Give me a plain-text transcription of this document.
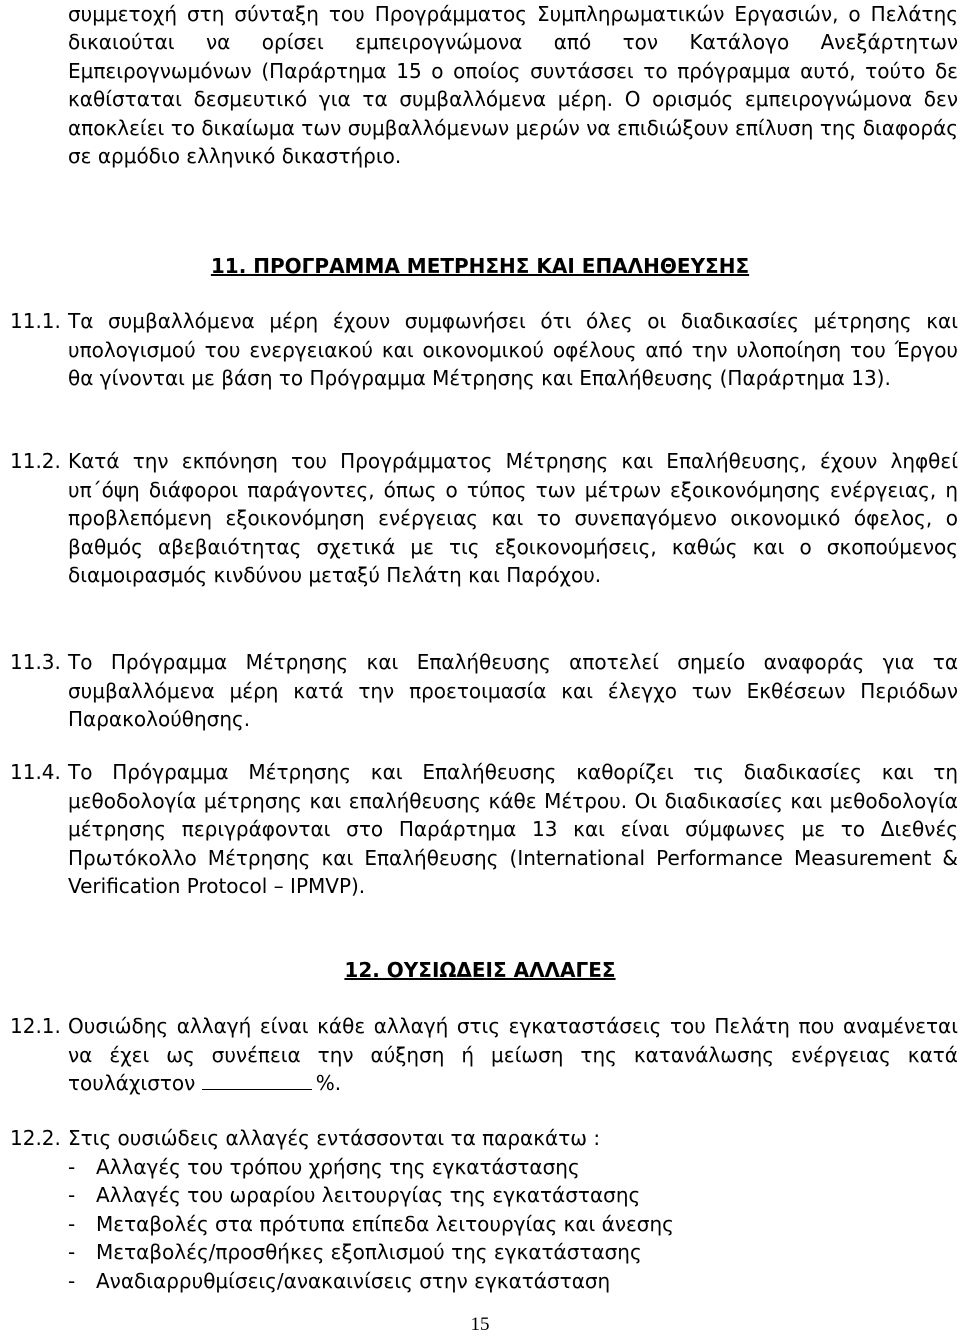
συμμετοχή στη σύνταξη του Προγράμματος Συμπληρωματικών Εργασιών, ο Πελάτης δικαιούται να ορίσει εμπειρογνώμονα από τον Κατάλογο Ανεξάρτητων Εμπειρογνωμόνων (Παράρτημα 15 ο οποίος συντάσσει το πρόγραμμα αυτό, τούτο δε καθίσταται δεσμευτικό για τα συμβαλλόμενα μέρη. Ο ορισμός εμπειρογνώμονα δεν αποκλείει το δικαίωμα των συμβαλλόμενων μερών να επιδιώξουν επίλυση της διαφοράς σε αρμόδιο ελληνικό δικαστήριο.

11. ΠΡΟΓΡΑΜΜΑ ΜΕΤΡΗΣΗΣ ΚΑΙ ΕΠΑΛΗΘΕΥΣΗΣ
11.1. Τα συμβαλλόμενα μέρη έχουν συμφωνήσει ότι όλες οι διαδικασίες μέτρησης και υπολογισμού του ενεργειακού και οικονομικού οφέλους από την υλοποίηση του Έργου θα γίνονται με βάση το Πρόγραμμα Μέτρησης και Επαλήθευσης (Παράρτημα 13).
11.2. Κατά την εκπόνηση του Προγράμματος Μέτρησης και Επαλήθευσης, έχουν ληφθεί υπ΄όψη διάφοροι παράγοντες, όπως ο τύπος των μέτρων εξοικονόμησης ενέργειας, η προβλεπόμενη εξοικονόμηση ενέργειας και το συνεπαγόμενο οικονομικό όφελος, ο βαθμός αβεβαιότητας σχετικά με τις εξοικονομήσεις, καθώς και ο σκοπούμενος διαμοιρασμός κινδύνου μεταξύ Πελάτη και Παρόχου.
11.3. Το Πρόγραμμα Μέτρησης και Επαλήθευσης αποτελεί σημείο αναφοράς για τα συμβαλλόμενα μέρη κατά την προετοιμασία και έλεγχο των Εκθέσεων Περιόδων Παρακολούθησης.
11.4. Το Πρόγραμμα Μέτρησης και Επαλήθευσης καθορίζει τις διαδικασίες και τη μεθοδολογία μέτρησης και επαλήθευσης κάθε Μέτρου. Οι διαδικασίες και μεθοδολογία μέτρησης περιγράφονται στο Παράρτημα 13 και είναι σύμφωνες με το Διεθνές Πρωτόκολλο Μέτρησης και Επαλήθευσης (International Performance Measurement & Verification Protocol – IPMVP).
12. ΟΥΣΙΩΔΕΙΣ ΑΛΛΑΓΕΣ
12.1. Ουσιώδης αλλαγή είναι κάθε αλλαγή στις εγκαταστάσεις του Πελάτη που αναμένεται να έχει ως συνέπεια την αύξηση ή μείωση της κατανάλωσης ενέργειας κατά τουλάχιστον	%.
12.2. Στις ουσιώδεις αλλαγές εντάσσονται τα παρακάτω :
- Αλλαγές του τρόπου χρήσης της εγκατάστασης
- Αλλαγές του ωραρίου λειτουργίας της εγκατάστασης
- Μεταβολές στα πρότυπα επίπεδα λειτουργίας και άνεσης
- Μεταβολές/προσθήκες εξοπλισμού της εγκατάστασης
- Αναδιαρρυθμίσεις/ανακαινίσεις στην εγκατάσταση
15
